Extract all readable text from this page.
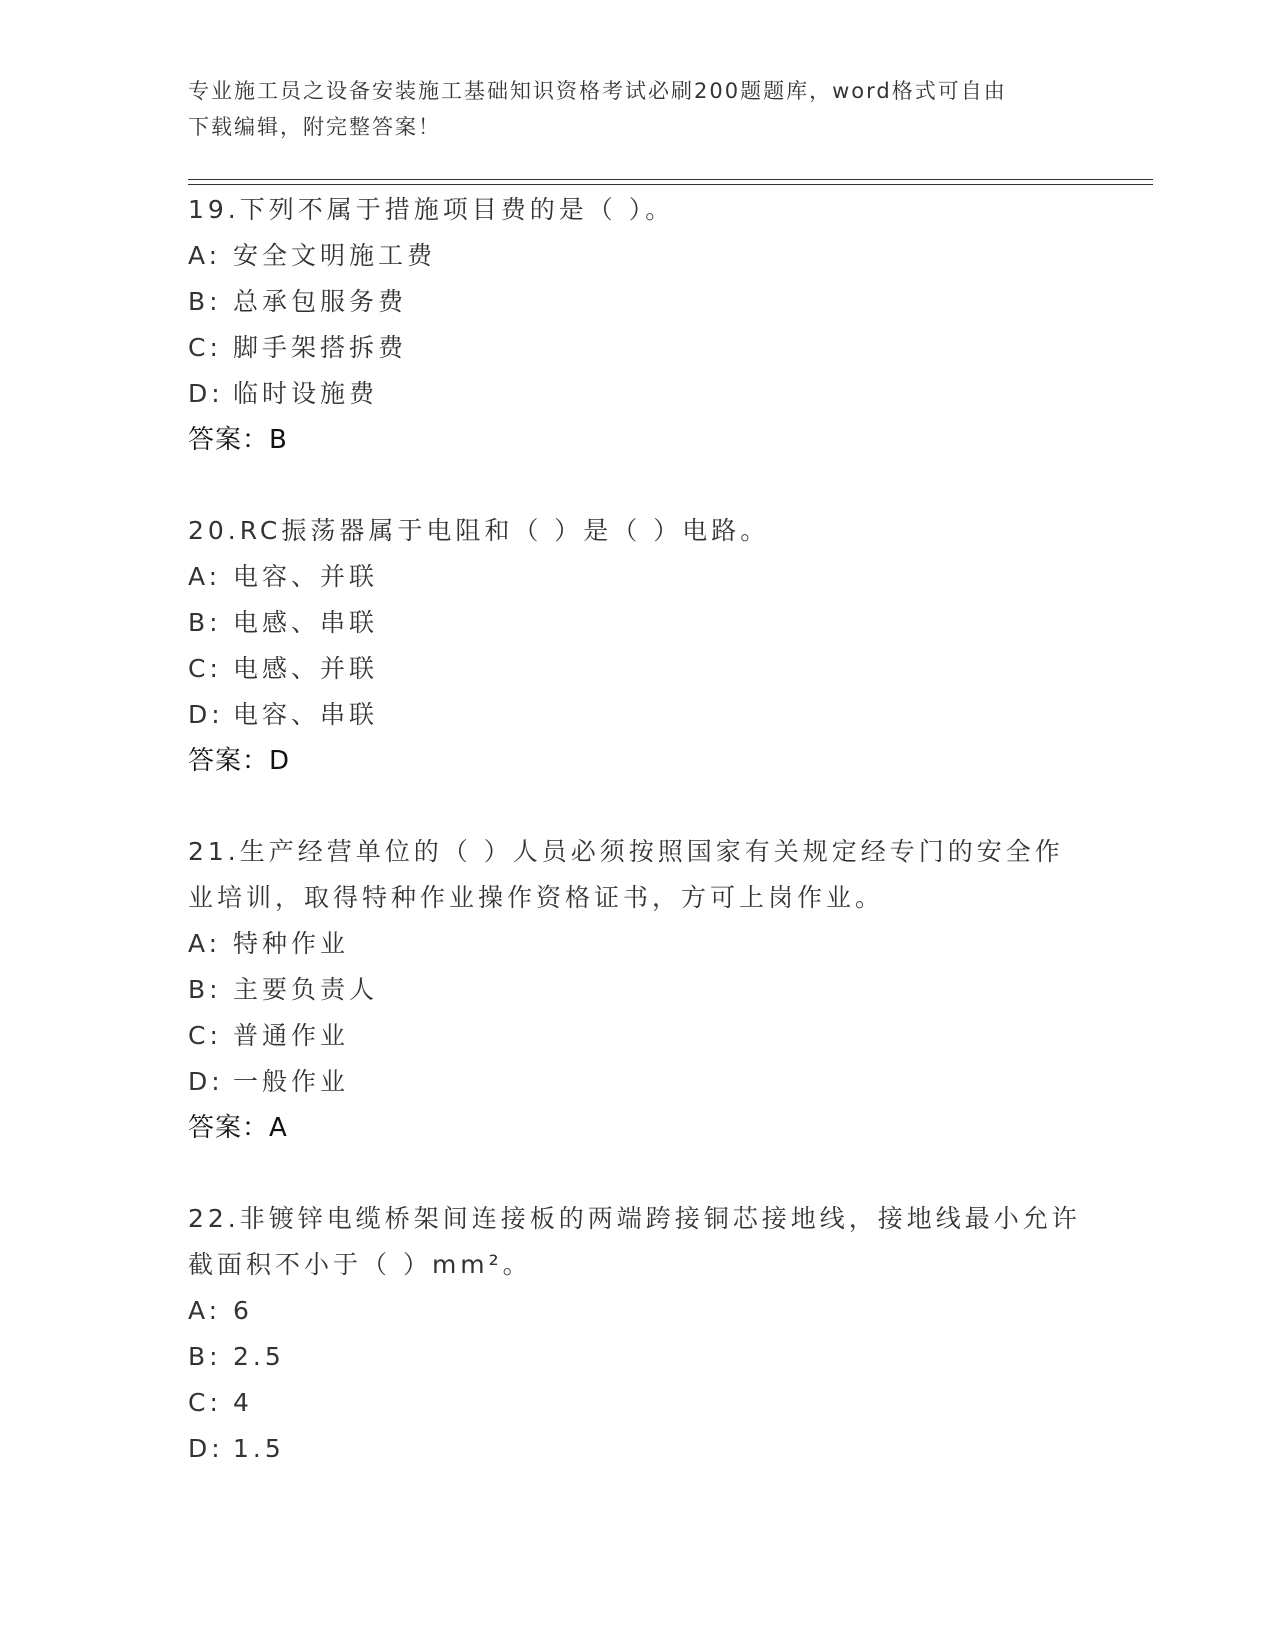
专业施工员之设备安装施工基础知识资格考试必刷200题题库，word格式可自由
下载编辑，附完整答案！
19.下列不属于措施项目费的是（ ）。
A: 安全文明施工费
B: 总承包服务费
C: 脚手架搭拆费
D: 临时设施费
答案：B
20.RC振荡器属于电阻和（ ）是（ ）电路。
A: 电容、并联
B: 电感、串联
C: 电感、并联
D: 电容、串联
答案：D
21.生产经营单位的（ ）人员必须按照国家有关规定经专门的安全作
业培训，取得特种作业操作资格证书，方可上岗作业。
A: 特种作业
B: 主要负责人
C: 普通作业
D: 一般作业
答案：A
22.非镀锌电缆桥架间连接板的两端跨接铜芯接地线，接地线最小允许
截面积不小于（ ）mm²。
A: 6
B: 2.5
C: 4
D: 1.5
